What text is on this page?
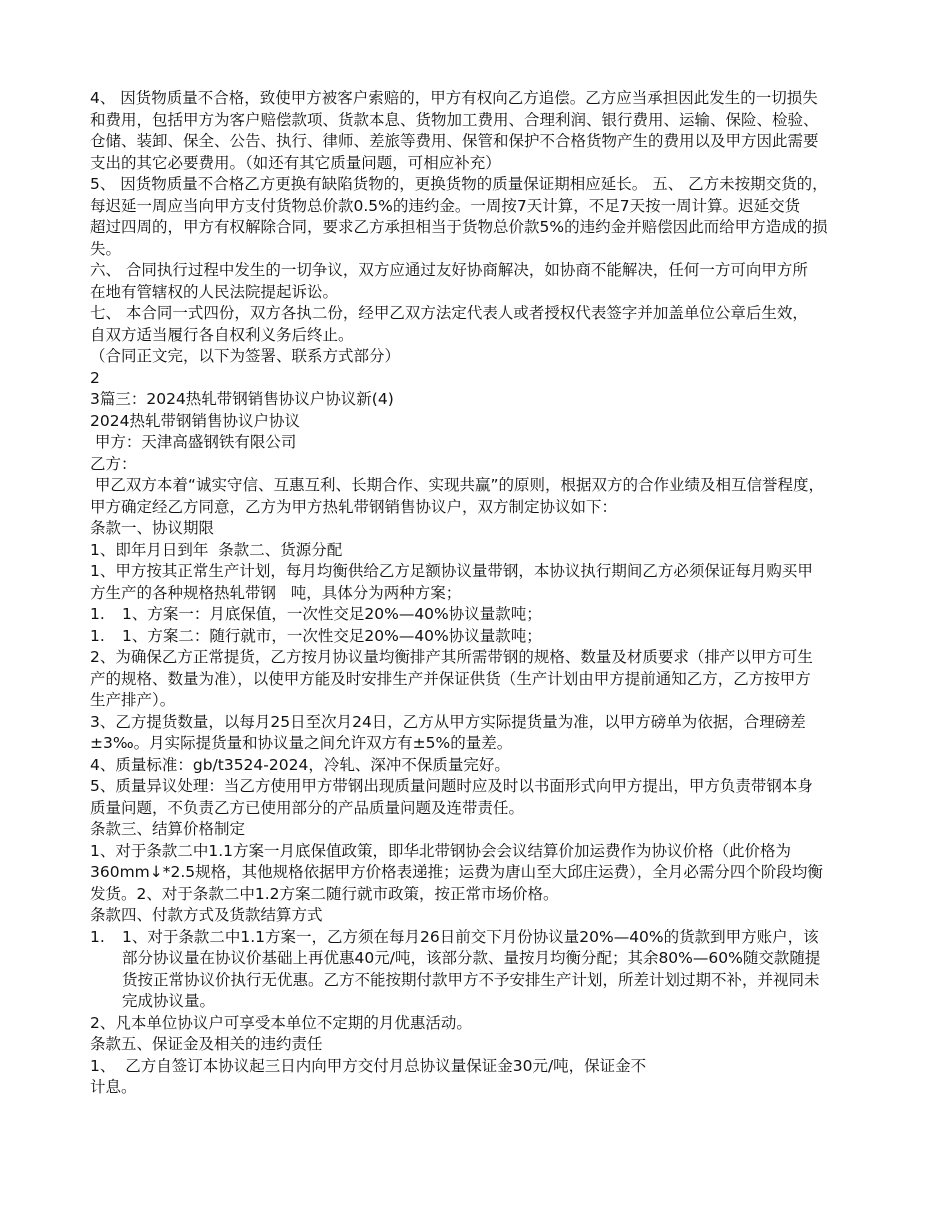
4、 因货物质量不合格，致使甲方被客户索赔的，甲方有权向乙方追偿。乙方应当承担因此发生的一切损失
和费用，包括甲方为客户赔偿款项、货款本息、货物加工费用、合理利润、银行费用、运输、保险、检验、
仓储、装卸、保全、公告、执行、律师、差旅等费用、保管和保护不合格货物产生的费用以及甲方因此需要
支出的其它必要费用。（如还有其它质量问题，可相应补充）
5、 因货物质量不合格乙方更换有缺陷货物的，更换货物的质量保证期相应延长。 五、 乙方未按期交货的，
每迟延一周应当向甲方支付货物总价款0.5%的违约金。一周按7天计算，不足7天按一周计算。迟延交货
超过四周的，甲方有权解除合同，要求乙方承担相当于货物总价款5%的违约金并赔偿因此而给甲方造成的损
失。
六、 合同执行过程中发生的一切争议，双方应通过友好协商解决，如协商不能解决，任何一方可向甲方所
在地有管辖权的人民法院提起诉讼。
七、 本合同一式四份，双方各执二份，经甲乙双方法定代表人或者授权代表签字并加盖单位公章后生效，
自双方适当履行各自权利义务后终止。
（合同正文完，以下为签署、联系方式部分）
2
3篇三：2024热轧带钢销售协议户协议新(4)
2024热轧带钢销售协议户协议
甲方：天津高盛钢铁有限公司
乙方：
甲乙双方本着“诚实守信、互惠互利、长期合作、实现共赢”的原则，根据双方的合作业绩及相互信誉程度，
甲方确定经乙方同意，乙方为甲方热轧带钢销售协议户，双方制定协议如下：
条款一、协议期限
1、即年月日到年  条款二、货源分配
1、甲方按其正常生产计划，每月均衡供给乙方足额协议量带钢，本协议执行期间乙方必须保证每月购买甲
方生产的各种规格热轧带钢   吨，具体分为两种方案；
1.	1、方案一：月底保值，一次性交足20%—40%协议量款吨；
1.	1、方案二：随行就市，一次性交足20%—40%协议量款吨；
2、为确保乙方正常提货，乙方按月协议量均衡排产其所需带钢的规格、数量及材质要求（排产以甲方可生
产的规格、数量为准），以使甲方能及时安排生产并保证供货（生产计划由甲方提前通知乙方，乙方按甲方
生产排产）。
3、乙方提货数量，以每月25日至次月24日，乙方从甲方实际提货量为准，以甲方磅单为依据，合理磅差
±3‰。月实际提货量和协议量之间允许双方有±5%的量差。
4、质量标准：gb/t3524-2024，冷轧、深冲不保质量完好。
5、质量异议处理：当乙方使用甲方带钢出现质量问题时应及时以书面形式向甲方提出，甲方负责带钢本身
质量问题，不负责乙方已使用部分的产品质量问题及连带责任。
条款三、结算价格制定
1、对于条款二中1.1方案一月底保值政策，即华北带钢协会会议结算价加运费作为协议价格（此价格为
360mm↓*2.5规格，其他规格依据甲方价格表递推；运费为唐山至大邱庄运费），全月必需分四个阶段均衡
发货。2、对于条款二中1.2方案二随行就市政策，按正常市场价格。
条款四、付款方式及货款结算方式
1.	1、对于条款二中1.1方案一，乙方须在每月26日前交下月份协议量20%—40%的货款到甲方账户，该
部分协议量在协议价基础上再优惠40元/吨，该部分款、量按月均衡分配；其余80%—60%随交款随提
货按正常协议价执行无优惠。乙方不能按期付款甲方不予安排生产计划，所差计划过期不补，并视同未
完成协议量。
2、凡本单位协议户可享受本单位不定期的月优惠活动。
条款五、保证金及相关的违约责任
1、  乙方自签订本协议起三日内向甲方交付月总协议量保证金30元/吨，保证金不
计息。
